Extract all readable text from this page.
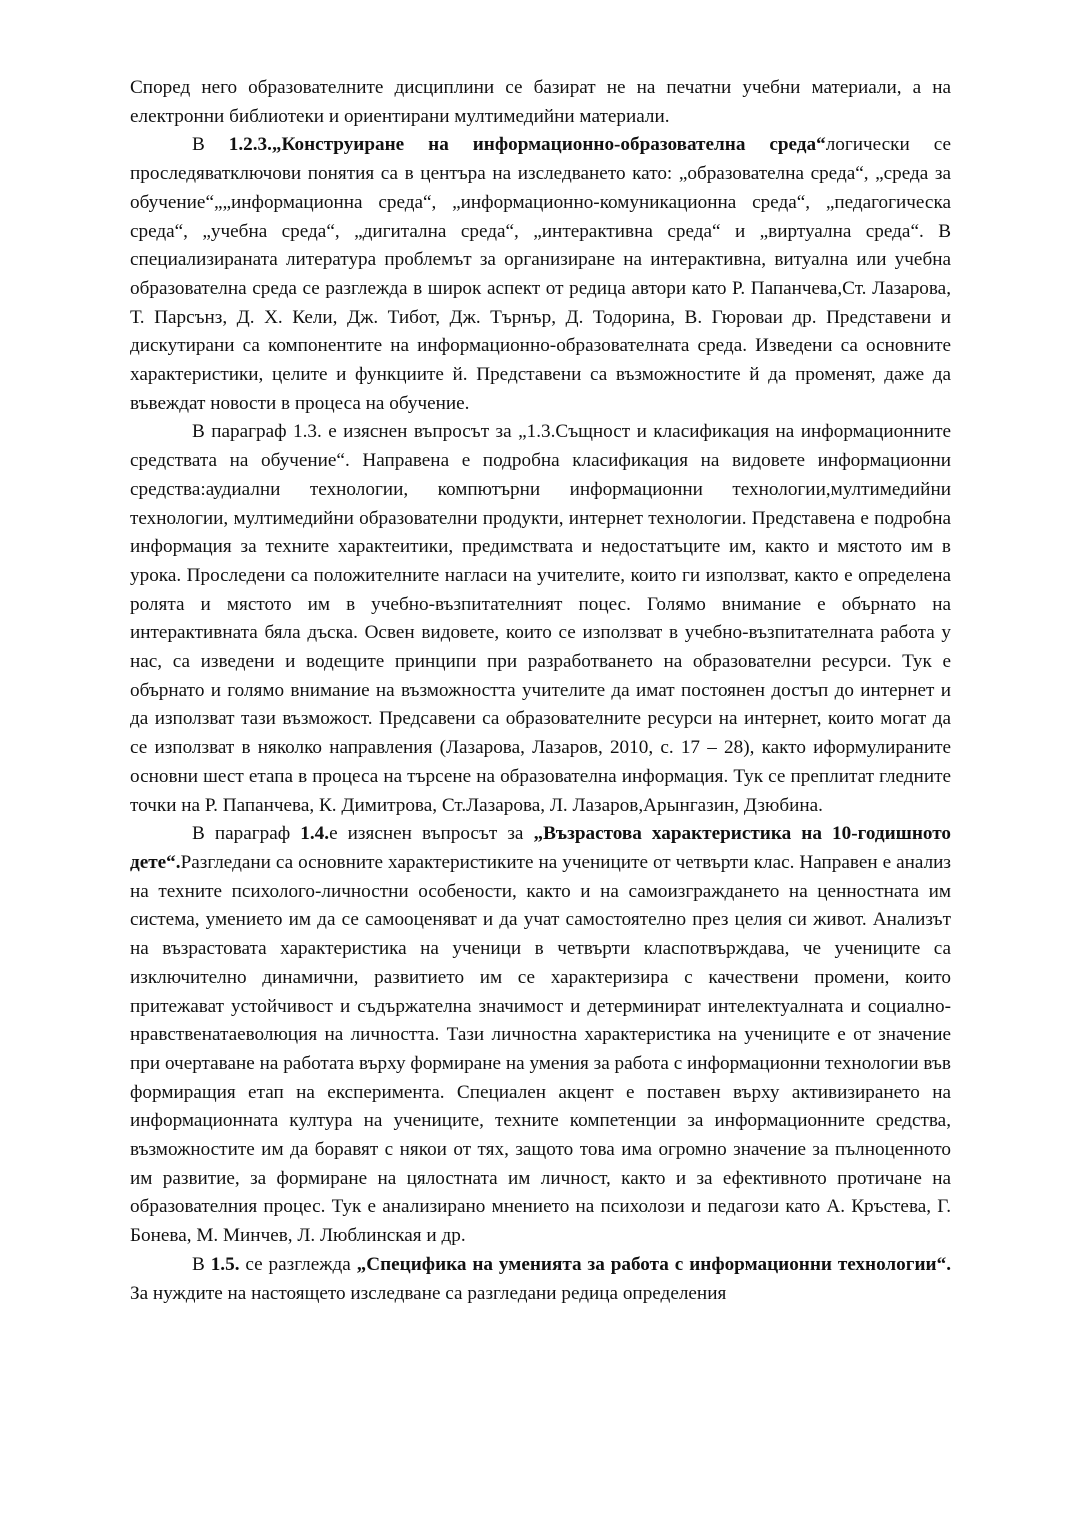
Според него образователните дисциплини се базират не на печатни учебни материали, а на електронни библиотеки и ориентирани мултимедийни материали.

В 1.2.3.„Конструиране на информационно-образователна среда“логически се проследяватключови понятия са в центъра на изследването като: „образователна среда“, „среда за обучение“„„информационна среда“, „информационно-комуникационна среда“, „педагогическа среда“, „учебна среда“, „дигитална среда“, „интерактивна среда“ и „виртуална среда“. В специализираната литература проблемът за организиране на интерактивна, витуална или учебна образователна среда се разглежда в широк аспект от редица автори като Р. Папанчева,Ст. Лазарова, Т. Парсънз, Д. Х. Кели, Дж. Тибот, Дж. Търнър, Д. Тодорина, В. Гюроваи др. Представени и дискутирани са компонентите на информационно-образователната среда. Изведени са основните характеристики, целите и функциите й. Представени са възможностите й да променят, даже да въвеждат новости в процеса на обучение.

В параграф 1.3. е изяснен въпросът за „1.3.Същност и класификация на информационните средствата на обучение“. Направена е подробна класификация на видовете информационни средства:аудиални технологии, компютърни информационни технологии,мултимедийни технологии, мултимедийни образователни продукти, интернет технологии. Представена е подробна информация за техните характеитики, предимствата и недостатъците им, както и мястото им в урока. Проследени са положителните нагласи на учителите, които ги използват, както е определена ролята и мястото им в учебно-възпитателният поцес. Голямо внимание е обърнато на интерактивната бяла дъска. Освен видовете, които се използват в учебно-възпитателната работа у нас, са изведени и водещите принципи при разработването на образователни ресурси. Тук е обърнато и голямо внимание на възможността учителите да имат постоянен достъп до интернет и да използват тази възможост. Предсавени са образователните ресурси на интернет, които могат да се използват в няколко направления (Лазарова, Лазаров, 2010, с. 17 – 28), както иформулираните основни шест етапа в процеса на търсене на образователна информация. Тук се преплитат гледните точки на Р. Папанчева, К. Димитрова, Ст.Лазарова, Л. Лазаров,Арынгазин, Дзюбина.

В параграф 1.4.е изяснен въпросът за „Възрастова характеристика на 10-годишното дете“.Разгледани са основните характеристиките на учениците от четвърти клас. Направен е анализ на техните психолого-личностни особености, както и на самоизграждането на ценностната им система, умението им да се самооценяват и да учат самостоятелно през целия си живот. Анализът на възрастовата характеристика на ученици в четвърти класпотвърждава, че учениците са изключително динамични, развитието им се характеризира с качествени промени, които притежават устойчивост и съдържателна значимост и детерминират интелектуалната и социално-нравственатаеволюция на личността. Тази личностна характеристика на учениците е от значение при очертаване на работата върху формиране на умения за работа с информационни технологии във формиращия етап на експеримента. Специален акцент е поставен върху активизирането на информационната култура на учениците, техните компетенции за информационните средства, възможностите им да боравят с някои от тях, защото това има огромно значение за пълноценното им развитие, за формиране на цялостната им личност, както и за ефективното протичане на образователния процес. Тук е анализирано мнението на психолози и педагози като А. Кръстева, Г. Бонева, М. Минчев, Л. Люблинская и др.

В 1.5. се разглежда „Специфика на уменията за работа с информационни технологии“. За нуждите на настоящето изследване са разгледани редица определения
